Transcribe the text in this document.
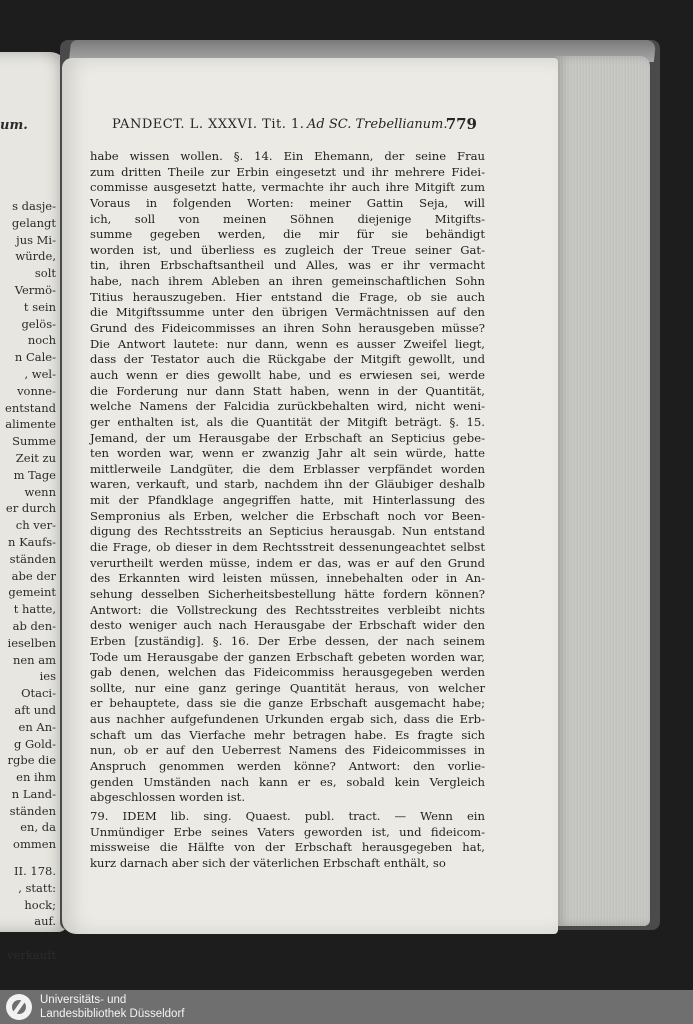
um.
s dasje-
gelangt
jus Mi-
würde,
solt
Vermö-
t sein
gelös-
noch
n Cale-
, wel-
vonne-
entstand
alimente
Summe
Zeit zu
m Tage
wenn
er durch
ch ver-
n Kaufs-
ständen
abe der
gemeint
t hatte,
ab den-
ieselben
nen am
ies
Otaci-
aft und
en An-
g Gold-
rgbe die
en ihm
n Land-
ständen
en, da
ommen
II. 178.
, statt:
hock;
auf.
verkauft
PANDECT. L. XXXVI. Tit. 1. Ad SC. Trebellianum.
779
habe wissen wollen. §. 14. Ein Ehemann, der seine Frau
zum dritten Theile zur Erbin eingesetzt und ihr mehrere Fidei-
commisse ausgesetzt hatte, vermachte ihr auch ihre Mitgift zum
Voraus in folgenden Worten: meiner Gattin Seja, will
ich, soll von meinen Söhnen diejenige Mitgifts-
summe gegeben werden, die mir für sie behändigt
worden ist, und überliess es zugleich der Treue seiner Gat-
tin, ihren Erbschaftsantheil und Alles, was er ihr vermacht
habe, nach ihrem Ableben an ihren gemeinschaftlichen Sohn
Titius herauszugeben. Hier entstand die Frage, ob sie auch
die Mitgiftssumme unter den übrigen Vermächtnissen auf den
Grund des Fideicommisses an ihren Sohn herausgeben müsse?
Die Antwort lautete: nur dann, wenn es ausser Zweifel liegt,
dass der Testator auch die Rückgabe der Mitgift gewollt, und
auch wenn er dies gewollt habe, und es erwiesen sei, werde
die Forderung nur dann Statt haben, wenn in der Quantität,
welche Namens der Falcidia zurückbehalten wird, nicht weni-
ger enthalten ist, als die Quantität der Mitgift beträgt. §. 15.
Jemand, der um Herausgabe der Erbschaft an Septicius gebe-
ten worden war, wenn er zwanzig Jahr alt sein würde, hatte
mittlerweile Landgüter, die dem Erblasser verpfändet worden
waren, verkauft, und starb, nachdem ihn der Gläubiger deshalb
mit der Pfandklage angegriffen hatte, mit Hinterlassung des
Sempronius als Erben, welcher die Erbschaft noch vor Been-
digung des Rechtsstreits an Septicius herausgab. Nun entstand
die Frage, ob dieser in dem Rechtsstreit dessenungeachtet selbst
verurtheilt werden müsse, indem er das, was er auf den Grund
des Erkannten wird leisten müssen, innebehalten oder in An-
sehung desselben Sicherheitsbestellung hätte fordern können?
Antwort: die Vollstreckung des Rechtsstreites verbleibt nichts
desto weniger auch nach Herausgabe der Erbschaft wider den
Erben [zuständig]. §. 16. Der Erbe dessen, der nach seinem
Tode um Herausgabe der ganzen Erbschaft gebeten worden war,
gab denen, welchen das Fideicommiss herausgegeben werden
sollte, nur eine ganz geringe Quantität heraus, von welcher
er behauptete, dass sie die ganze Erbschaft ausgemacht habe;
aus nachher aufgefundenen Urkunden ergab sich, dass die Erb-
schaft um das Vierfache mehr betragen habe. Es fragte sich
nun, ob er auf den Ueberrest Namens des Fideicommisses in
Anspruch genommen werden könne? Antwort: den vorlie-
genden Umständen nach kann er es, sobald kein Vergleich
abgeschlossen worden ist.
79. IDEM lib. sing. Quaest. publ. tract. — Wenn ein
Unmündiger Erbe seines Vaters geworden ist, und fideicom-
missweise die Hälfte von der Erbschaft herausgegeben hat,
kurz darnach aber sich der väterlichen Erbschaft enthält, so
Universitäts- und
Landesbibliothek Düsseldorf
